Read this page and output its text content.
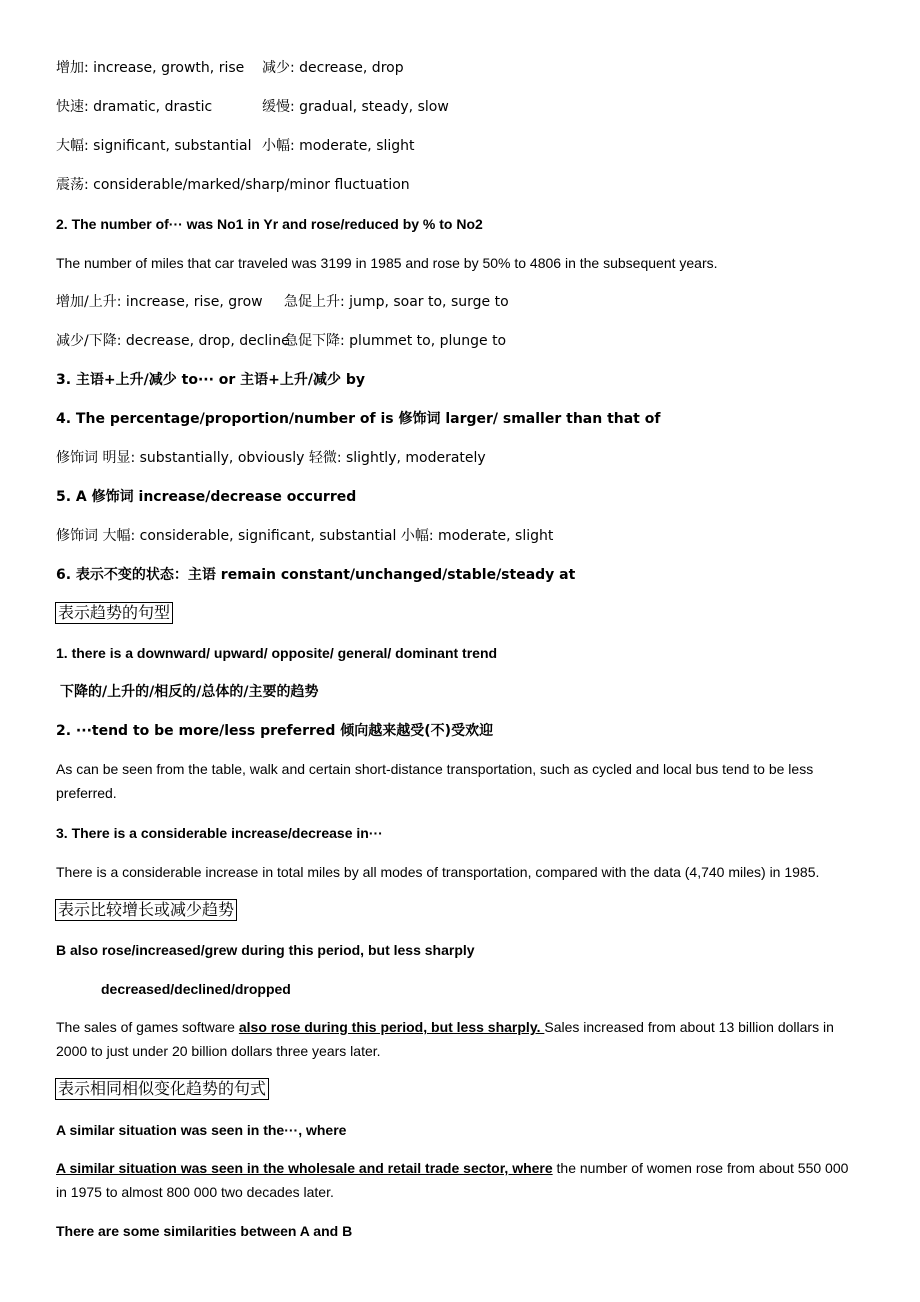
增加: increase, growth, rise 减少: decrease, drop
快速: dramatic, drastic	缓慢: gradual, steady, slow
大幅: significant, substantial 小幅: moderate, slight
震荡: considerable/marked/sharp/minor fluctuation
2. The number of··· was No1 in Yr and rose/reduced by % to No2
The number of miles that car traveled was 3199 in 1985 and rose by 50% to 4806 in the subsequent years.
增加/上升: increase, rise, grow 急促上升: jump, soar to, surge to
减少/下降: decrease, drop, decline
急促下降: plummet to, plunge to
3. 主语+上升/减少 to··· or 主语+上升/减少 by
4. The percentage/proportion/number of is 修饰词 larger/ smaller than that of
修饰词 明显: substantially, obviously 轻微: slightly, moderately
5. A 修饰词 increase/decrease occurred
修饰词 大幅: considerable, significant, substantial 小幅: moderate, slight
6. 表示不变的状态：主语 remain constant/unchanged/stable/steady at
表示趋势的句型
1. there is a downward/ upward/ opposite/ general/ dominant trend
下降的/上升的/相反的/总体的/主要的趋势
2. ···tend to be more/less preferred 倾向越来越受(不)受欢迎
As can be seen from the table, walk and certain short-distance transportation, such as cycled and local bus tend to be less preferred.
3. There is a considerable increase/decrease in···
There is a considerable increase in total miles by all modes of transportation, compared with the data (4,740 miles) in 1985.
表示比较增长或减少趋势
B also rose/increased/grew during this period, but less sharply
decreased/declined/dropped
The sales of games software also rose during this period, but less sharply. Sales increased from about 13 billion dollars in 2000 to just under 20 billion dollars three years later.
表示相同相似变化趋势的句式
A similar situation was seen in the···, where
A similar situation was seen in the wholesale and retail trade sector, where the number of women rose from about 550 000 in 1975 to almost 800 000 two decades later.
There are some similarities between A and B
